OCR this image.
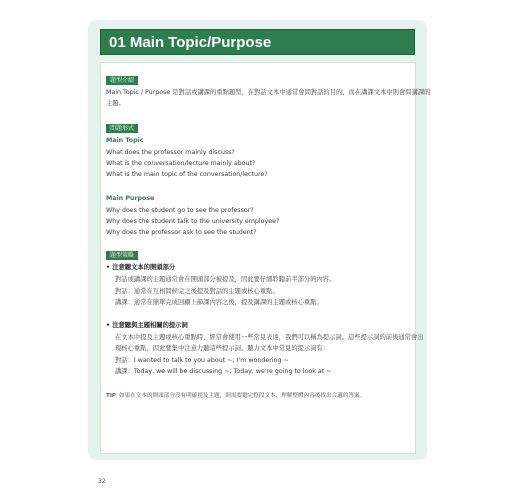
01 Main Topic/Purpose
題型介紹
Main Topic / Purpose 是對話或講課的重點題型，在對話文本中通常會問對話的目的，而在講課文本中則會問講課的
主題。
問題形式
Main Topic
What does the professor mainly discuss?
What is the conversation/lecture mainly about?
What is the main topic of the conversation/lecture?
Main Purpose
Why does the student go to see the professor?
Why does the student talk to the university employee?
Why does the professor ask to see the student?
題型策略
• 注意聽文本的開頭部分
對話或講課的主題通常會在開頭部分被提及，因此要仔細聆聽前半部分的內容。
對話：通常在互相問候完之後提及對話的主題或核心重點。
講課：通常在簡單完成回顧上節課內容之後，提及講課的主題或核心重點。
• 注意聽與主題相關的提示詞
在文本中提及主題或核心重點時，經常會使用一些常見表達，我們可以稱為提示詞。這些提示詞的前後通常會出
現核心重點，因此要集中注意力聽這些提示詞。聽力文本中常見的提示詞有：
對話：I wanted to talk to you about ~; I'm wondering ~
講課：Today, we will be discussing ~; Today, we're going to look at ~
TIP 如果在文本的開頭部分沒有明確提及主題，則需要聽完整段文本，理解整體內容後找出合適的答案。
32
